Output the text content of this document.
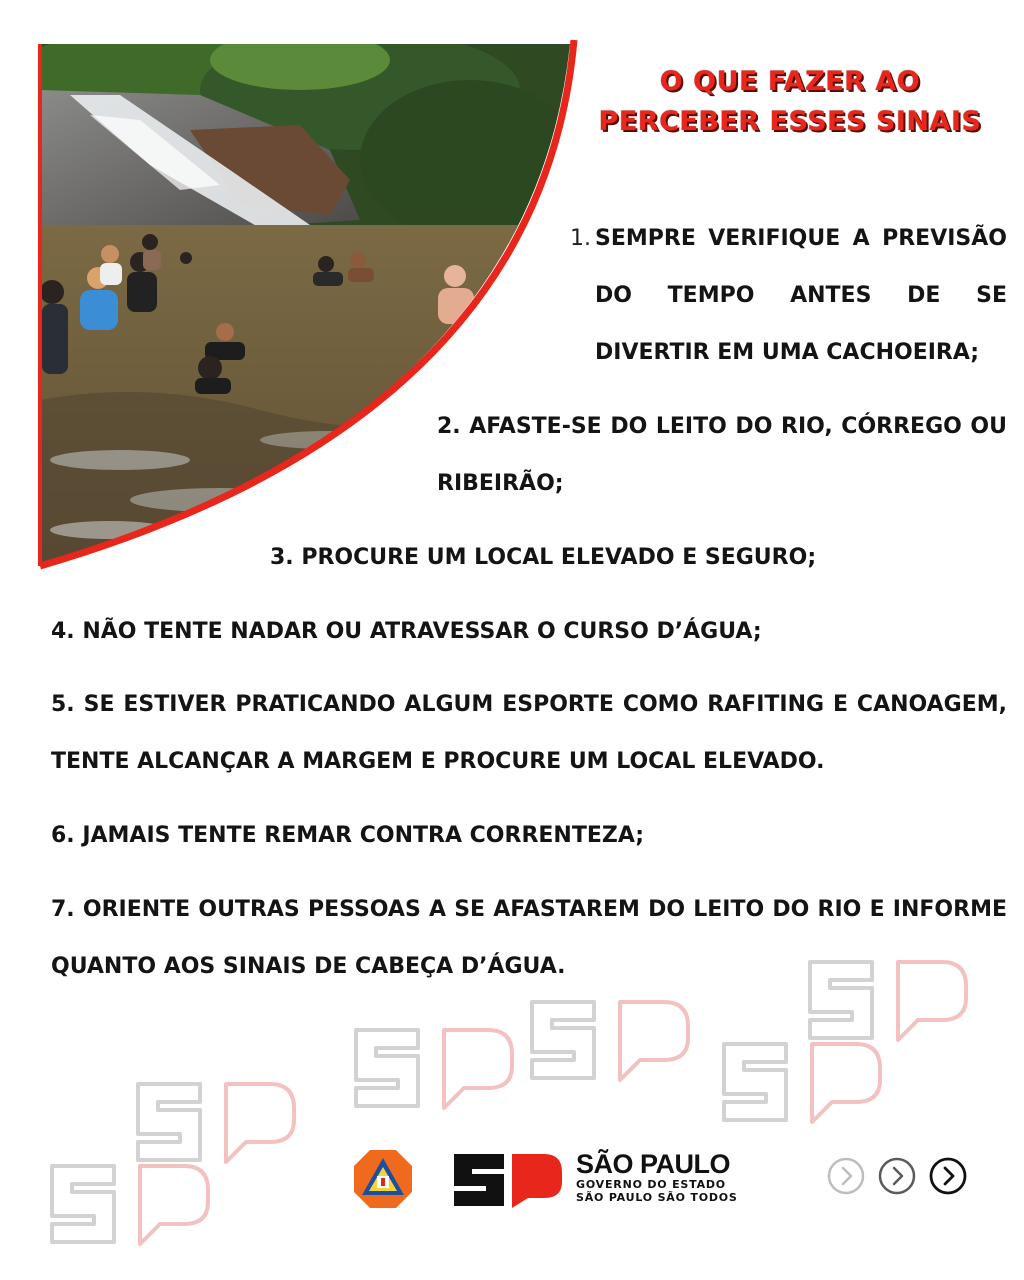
O QUE FAZER AO
PERCEBER ESSES SINAIS
1. SEMPRE VERIFIQUE A PREVISÃO
DO TEMPO ANTES DE SE
DIVERTIR EM UMA CACHOEIRA;
2. AFASTE-SE DO LEITO DO RIO, CÓRREGO OU
RIBEIRÃO;
3. PROCURE UM LOCAL ELEVADO E SEGURO;
4. NÃO TENTE NADAR OU ATRAVESSAR O CURSO D’ÁGUA;
5. SE ESTIVER PRATICANDO ALGUM ESPORTE COMO RAFITING E CANOAGEM,
TENTE ALCANÇAR A MARGEM E PROCURE UM LOCAL ELEVADO.
6. JAMAIS TENTE REMAR CONTRA CORRENTEZA;
7. ORIENTE OUTRAS PESSOAS A SE AFASTAREM DO LEITO DO RIO E INFORME
QUANTO AOS SINAIS DE CABEÇA D’ÁGUA.
SÃO PAULO
GOVERNO DO ESTADO
SÃO PAULO SÃO TODOS
